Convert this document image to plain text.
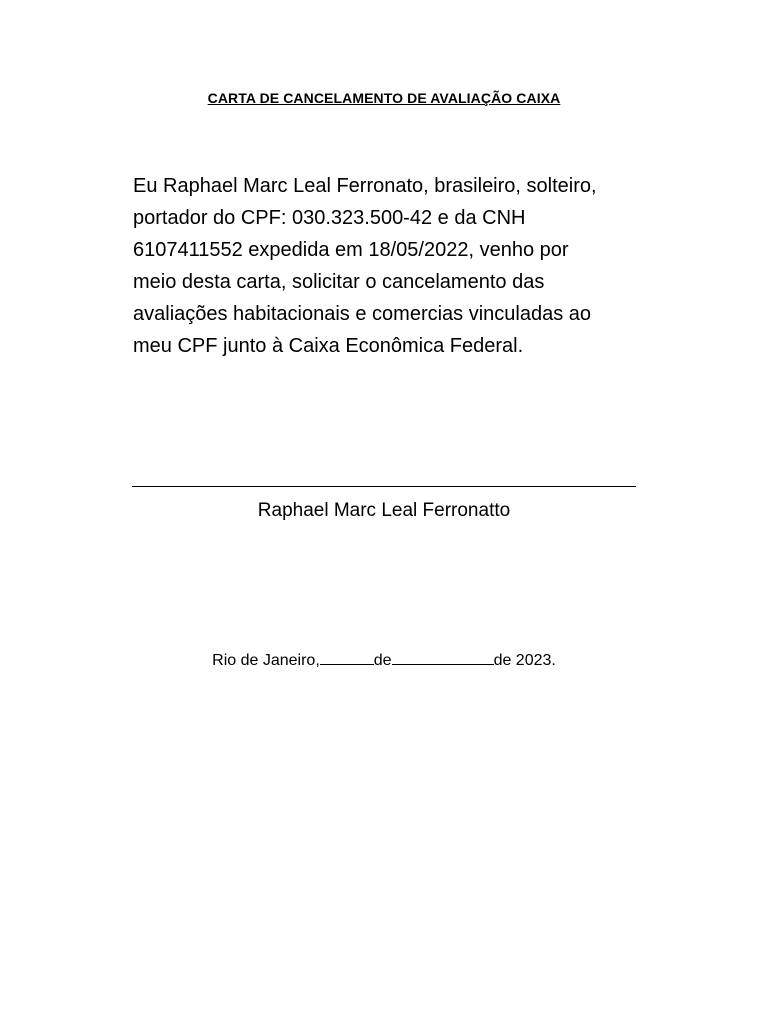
CARTA DE CANCELAMENTO DE AVALIAÇÃO CAIXA
Eu Raphael Marc Leal Ferronato, brasileiro, solteiro,
portador do CPF: 030.323.500-42 e da CNH
6107411552 expedida em 18/05/2022, venho por
meio desta carta, solicitar o cancelamento das
avaliações habitacionais e comercias vinculadas ao
meu CPF junto à Caixa Econômica Federal.
Raphael Marc Leal Ferronatto
Rio de Janeiro,	de	de 2023.
